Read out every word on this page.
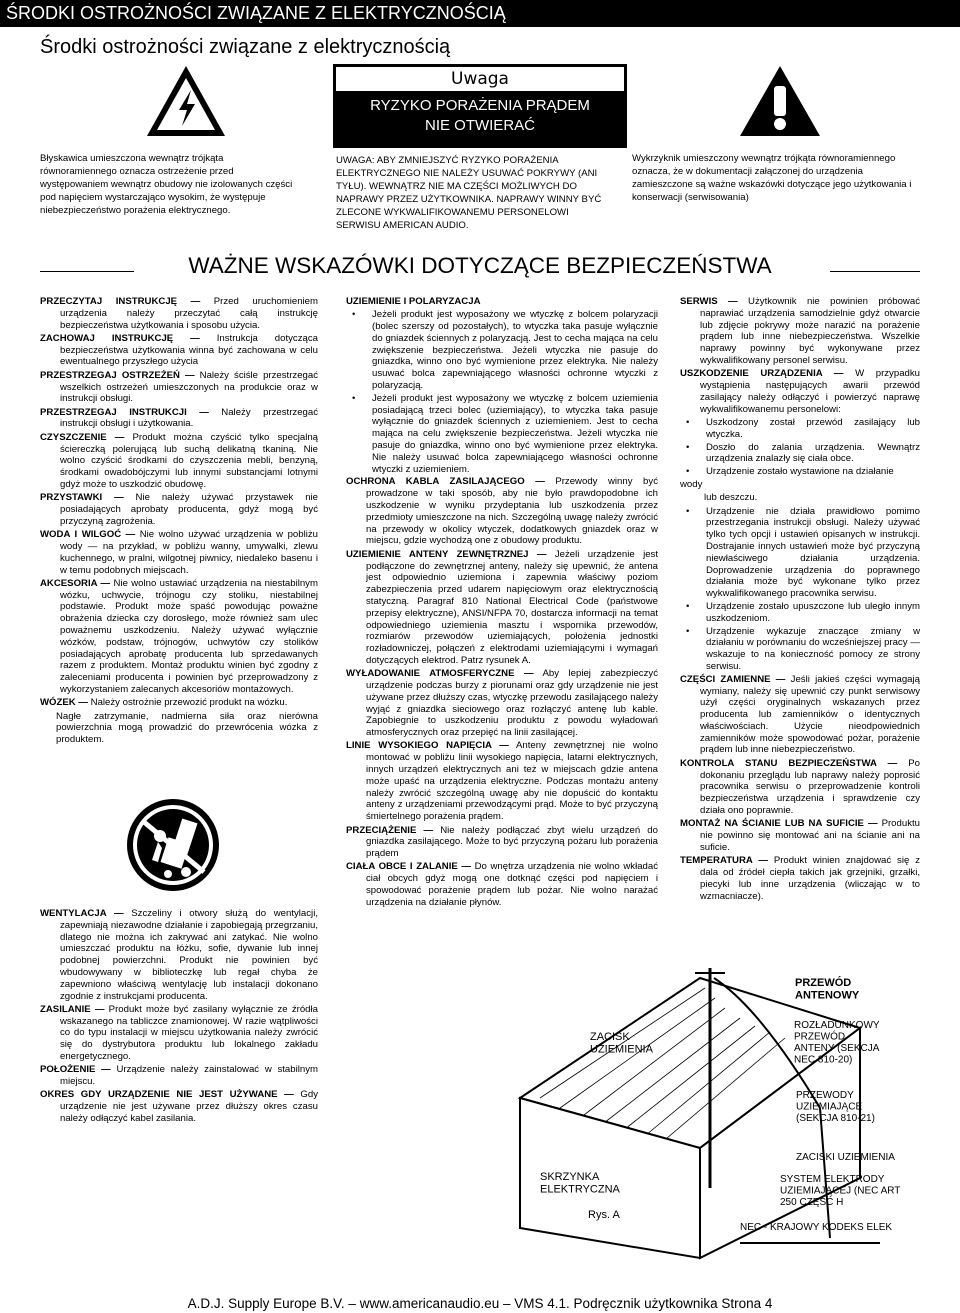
ŚRODKI OSTROŻNOŚCI ZWIĄZANE Z ELEKTRYCZNOŚCIĄ
Środki ostrożności związane z elektrycznością
Uwaga
RYZYKO PORAŻENIA PRĄDEM
NIE OTWIERAĆ
Błyskawica umieszczona wewnątrz trójkąta równoramiennego oznacza ostrzeżenie przed występowaniem wewnątrz obudowy nie izolowanych części pod napięciem wystarczająco wysokim, że występuje niebezpieczeństwo porażenia elektrycznego.
UWAGA: ABY ZMNIEJSZYĆ RYZYKO PORAŻENIA ELEKTRYCZNEGO NIE NALEŻY USUWAĆ POKRYWY (ANI TYŁU). WEWNĄTRZ NIE MA CZĘŚCI MOŻLIWYCH DO NAPRAWY PRZEZ UŻYTKOWNIKA. NAPRAWY WINNY BYĆ ZLECONE WYKWALIFIKOWANEMU PERSONELOWI SERWISU AMERICAN AUDIO.
Wykrzyknik umieszczony wewnątrz trójkąta równoramiennego oznacza, że w dokumentacji załączonej do urządzenia zamieszczone są ważne wskazówki dotyczące jego użytkowania i konserwacji (serwisowania)
WAŻNE WSKAZÓWKI DOTYCZĄCE BEZPIECZEŃSTWA

PRZECZYTAJ INSTRUKCJĘ — Przed uruchomieniem urządzenia należy przeczytać całą instrukcję bezpieczeństwa użytkowania i sposobu użycia.

ZACHOWAJ INSTRUKCJĘ — Instrukcja dotycząca bezpieczeństwa użytkowania winna być zachowana w celu ewentualnego przyszłego użycia

PRZESTRZEGAJ OSTRZEŻEŃ — Należy ściśle przestrzegać wszelkich ostrzeżeń umieszczonych na produkcie oraz w instrukcji obsługi.

PRZESTRZEGAJ INSTRUKCJI — Należy przestrzegać instrukcji obsługi i użytkowania.

CZYSZCZENIE — Produkt można czyścić tylko specjalną ściereczką polerującą lub suchą delikatną tkaniną. Nie wolno czyścić środkami do czyszczenia mebli, benzyną, środkami owadobójczymi lub innymi substancjami lotnymi gdyż może to uszkodzić obudowę.

PRZYSTAWKI — Nie należy używać przystawek nie posiadających aprobaty producenta, gdyż mogą być przyczyną zagrożenia.

WODA I WILGOĆ — Nie wolno używać urządzenia w pobliżu wody — na przykład, w pobliżu wanny, umywalki, zlewu kuchennego, w pralni, wilgotnej piwnicy, niedaleko basenu i w temu podobnych miejscach.

AKCESORIA — Nie wolno ustawiać urządzenia na niestabilnym wózku, uchwycie, trójnogu czy stoliku, niestabilnej podstawie. Produkt może spaść powodując poważne obrażenia dziecka czy dorosłego, może również sam ulec poważnemu uszkodzeniu. Należy używać wyłącznie wózków, podstaw, trójnogów, uchwytów czy stolików posiadających aprobatę producenta lub sprzedawanych razem z produktem. Montaż produktu winien być zgodny z zaleceniami producenta i powinien być przeprowadzony z wykorzystaniem zalecanych akcesoriów montażowych.

WÓZEK — Należy ostrożnie przewozić produkt na wózku.

Nagłe zatrzymanie, nadmierna siła oraz nierówna powierzchnia mogą prowadzić do przewrócenia wózka z produktem.

WENTYLACJA — Szczeliny i otwory służą do wentylacji, zapewniają niezawodne działanie i zapobiegają przegrzaniu, dlatego nie można ich zakrywać ani zatykać. Nie wolno umieszczać produktu na łóżku, sofie, dywanie lub innej podobnej powierzchni. Produkt nie powinien być wbudowywany w biblioteczkę lub regał chyba że zapewniono właściwą wentylację lub instalacji dokonano zgodnie z instrukcjami producenta.

ZASILANIE — Produkt może być zasilany wyłącznie ze źródła wskazanego na tabliczce znamionowej. W razie wątpliwości co do typu instalacji w miejscu użytkowania należy zwrócić się do dystrybutora produktu lub lokalnego zakładu energetycznego.

POŁOŻENIE — Urządzenie należy zainstalować w stabilnym miejscu.

OKRES GDY URZĄDZENIE NIE JEST UŻYWANE — Gdy urządzenie nie jest używane przez dłuższy okres czasu należy odłączyć kabel zasilania.

UZIEMIENIE I POLARYZACJA

• Jeżeli produkt jest wyposażony we wtyczkę z bolcem polaryzacji (bolec szerszy od pozostałych), to wtyczka taka pasuje wyłącznie do gniazdek ściennych z polaryzacją. Jest to cecha mająca na celu zwiększenie bezpieczeństwa. Jeżeli wtyczka nie pasuje do gniazdka, winno ono być wymienione przez elektryka. Nie należy usuwać bolca zapewniającego własności ochronne wtyczki z polaryzacją.
• Jeżeli produkt jest wyposażony we wtyczkę z bolcem uziemienia posiadającą trzeci bolec (uziemiający), to wtyczka taka pasuje wyłącznie do gniazdek ściennych z uziemieniem. Jest to cecha mająca na celu zwiększenie bezpieczeństwa. Jeżeli wtyczka nie pasuje do gniazdka, winno ono być wymienione przez elektryka. Nie należy usuwać bolca zapewniającego własności ochronne wtyczki z uziemieniem.

OCHRONA KABLA ZASILAJĄCEGO — Przewody winny być prowadzone w taki sposób, aby nie było prawdopodobne ich uszkodzenie w wyniku przydeptania lub uszkodzenia przez przedmioty umieszczone na nich. Szczególną uwagę należy zwrócić na przewody w okolicy wtyczek, dodatkowych gniazdek oraz w miejscu, gdzie wychodzą one z obudowy produktu.

UZIEMIENIE ANTENY ZEWNĘTRZNEJ — Jeżeli urządzenie jest podłączone do zewnętrznej anteny, należy się upewnić, że antena jest odpowiednio uziemiona i zapewnia właściwy poziom zabezpieczenia przed udarem napięciowym oraz elektrycznością statyczną. Paragraf 810 National Electrical Code (państwowe przepisy elektryczne), ANSI/NFPA 70, dostarcza informacji na temat odpowiedniego uziemienia masztu i wspornika przewodów, rozmiarów przewodów uziemiających, położenia jednostki rozładowniczej, połączeń z elektrodami uziemiającymi i wymagań dotyczących elektrod. Patrz rysunek A.

WYŁADOWANIE ATMOSFERYCZNE — Aby lepiej zabezpieczyć urządzenie podczas burzy z piorunami oraz gdy urządzenie nie jest używane przez dłuższy czas, wtyczkę przewodu zasilającego należy wyjąć z gniazdka sieciowego oraz rozłączyć antenę lub kable. Zapobiegnie to uszkodzeniu produktu z powodu wyładowań atmosferycznych oraz przepięć na linii zasilającej.

LINIE WYSOKIEGO NAPIĘCIA — Anteny zewnętrznej nie wolno montować w pobliżu linii wysokiego napięcia, latarni elektrycznych, innych urządzeń elektrycznych ani też w miejscach gdzie antena może upaść na urządzenia elektryczne. Podczas montażu anteny należy zwrócić szczególną uwagę aby nie dopuścić do kontaktu anteny z urządzeniami przewodzącymi prąd. Może to być przyczyną śmiertelnego porażenia prądem.

PRZECIĄŻENIE — Nie należy podłączać zbyt wielu urządzeń do gniazdka zasilającego. Może to być przyczyną pożaru lub porażenia prądem

CIAŁA OBCE I ZALANIE — Do wnętrza urządzenia nie wolno wkładać ciał obcych gdyż mogą one dotknąć części pod napięciem i spowodować porażenie prądem lub pożar. Nie wolno narażać urządzenia na działanie płynów.

SERWIS — Użytkownik nie powinien próbować naprawiać urządzenia samodzielnie gdyż otwarcie lub zdjęcie pokrywy może narazić na porażenie prądem lub inne niebezpieczeństwa. Wszelkie naprawy powinny być wykonywane przez wykwalifikowany personel serwisu.

USZKODZENIE URZĄDZENIA — W przypadku wystąpienia następujących awarii przewód zasilający należy odłączyć i powierzyć naprawę wykwalifikowanemu personelowi:

• Uszkodzony został przewód zasilający lub wtyczka.
• Doszło do zalania urządzenia. Wewnątrz urządzenia znalazły się ciała obce.
• Urządzenie zostało wystawione na działanie

wody

lub deszczu.

• Urządzenie nie działa prawidłowo pomimo przestrzegania instrukcji obsługi. Należy używać tylko tych opcji i ustawień opisanych w instrukcji. Dostrajanie innych ustawień może być przyczyną niewłaściwego działania urządzenia. Doprowadzenie urządzenia do poprawnego działania może być wykonane tylko przez wykwalifikowanego pracownika serwisu.
• Urządzenie zostało upuszczone lub uległo innym uszkodzeniom.
• Urządzenie wykazuje znaczące zmiany w działaniu w porównaniu do wcześniejszej pracy — wskazuje to na konieczność pomocy ze strony serwisu.

CZĘŚCI ZAMIENNE — Jeśli jakieś części wymagają wymiany, należy się upewnić czy punkt serwisowy użył części oryginalnych wskazanych przez producenta lub zamienników o identycznych właściwościach. Użycie nieodpowiednich zamienników może spowodować pożar, porażenie prądem lub inne niebezpieczeństwo.

KONTROLA STANU BEZPIECZEŃSTWA — Po dokonaniu przeglądu lub naprawy należy poprosić pracownika serwisu o przeprowadzenie kontroli bezpieczeństwa urządzenia i sprawdzenie czy działa ono poprawnie.

MONTAŻ NA ŚCIANIE LUB NA SUFICIE — Produktu nie powinno się montować ani na ścianie ani na suficie.

TEMPERATURA — Produkt winien znajdować się z dala od źródeł ciepła takich jak grzejniki, grzałki, piecyki lub inne urządzenia (wliczając w to wzmacniacze).

PRZEWÓD ANTENOWY
ZACISK UZIEMIENIA
SKRZYNKA ELEKTRYCZNA
ROZŁADUNKOWY PRZEWÓD ANTENY (SEKCJA NEC 810-20)
PRZEWODY UZIEMIAJĄCE (SEKCJA 810-21)
ZACISKI UZIEMIENIA
SYSTEM ELEKTRODY UZIEMIAJĄCEJ (NEC ART 250 CZĘŚĆ H
NEC - KRAJOWY KODEKS ELEK
Rys. A
A.D.J. Supply Europe B.V. – www.americanaudio.eu – VMS 4.1. Podręcznik użytkownika Strona 4
